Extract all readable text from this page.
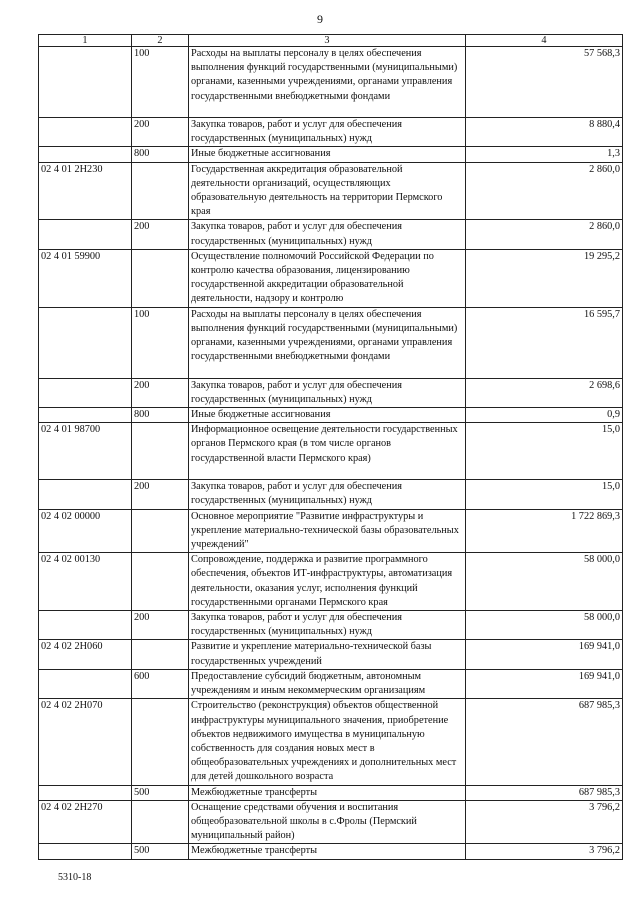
9
1	2	3	4
	100	Расходы на выплаты персоналу в целях обеспечения выполнения функций государственными (муниципальными) органами, казенными учреждениями, органами управления государственными внебюджетными фондами	57 568,3
	200	Закупка товаров, работ и услуг для обеспечения государственных (муниципальных) нужд	8 880,4
	800	Иные бюджетные ассигнования	1,3
02 4 01 2Н230		Государственная аккредитация образовательной деятельности организаций, осуществляющих образовательную деятельность на территории Пермского края	2 860,0
	200	Закупка товаров, работ и услуг для обеспечения государственных (муниципальных) нужд	2 860,0
02 4 01 59900		Осуществление полномочий Российской Федерации по контролю качества образования, лицензированию государственной аккредитации образовательной деятельности, надзору и контролю	19 295,2
	100	Расходы на выплаты персоналу в целях обеспечения выполнения функций государственными (муниципальными) органами, казенными учреждениями, органами управления государственными внебюджетными фондами	16 595,7
	200	Закупка товаров, работ и услуг для обеспечения государственных (муниципальных) нужд	2 698,6
	800	Иные бюджетные ассигнования	0,9
02 4 01 98700		Информационное освещение деятельности государственных органов Пермского края (в том числе органов государственной власти Пермского края)	15,0
	200	Закупка товаров, работ и услуг для обеспечения государственных (муниципальных) нужд	15,0
02 4 02 00000		Основное мероприятие "Развитие инфраструктуры и укрепление материально-технической базы образовательных учреждений"	1 722 869,3
02 4 02 00130		Сопровождение, поддержка и развитие программного обеспечения, объектов ИТ-инфраструктуры, автоматизация деятельности, оказания услуг, исполнения функций государственными органами Пермского края	58 000,0
	200	Закупка товаров, работ и услуг для обеспечения государственных (муниципальных) нужд	58 000,0
02 4 02 2Н060		Развитие и укрепление материально-технической базы государственных учреждений	169 941,0
	600	Предоставление субсидий бюджетным, автономным учреждениям и иным некоммерческим организациям	169 941,0
02 4 02 2Н070		Строительство (реконструкция) объектов общественной инфраструктуры муниципального значения, приобретение объектов недвижимого имущества в муниципальную собственность для создания новых мест в общеобразовательных учреждениях и дополнительных мест для детей дошкольного возраста	687 985,3
	500	Межбюджетные трансферты	687 985,3
02 4 02 2Н270		Оснащение средствами обучения и воспитания общеобразовательной школы в с.Фролы (Пермский муниципальный район)	3 796,2
	500	Межбюджетные трансферты	3 796,2
5310-18
